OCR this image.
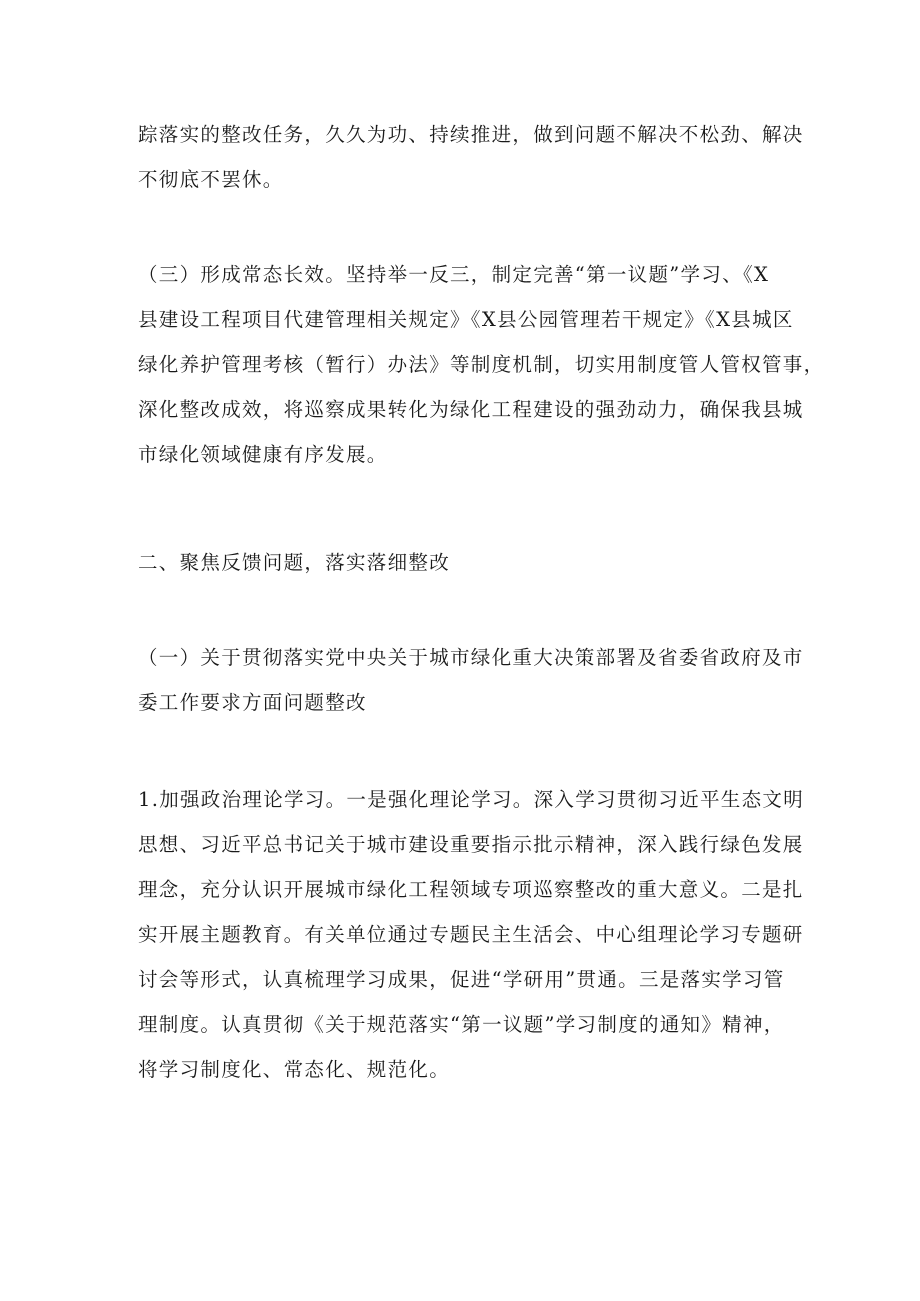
踪落实的整改任务，久久为功、持续推进，做到问题不解决不松劲、解决
不彻底不罢休。

（三）形成常态长效。坚持举一反三，制定完善“第一议题”学习、《X
县建设工程项目代建管理相关规定》《X县公园管理若干规定》《X县城区
绿化养护管理考核（暂行）办法》等制度机制，切实用制度管人管权管事，
深化整改成效，将巡察成果转化为绿化工程建设的强劲动力，确保我县城
市绿化领域健康有序发展。

二、聚焦反馈问题，落实落细整改

（一）关于贯彻落实党中央关于城市绿化重大决策部署及省委省政府及市
委工作要求方面问题整改

1.加强政治理论学习。一是强化理论学习。深入学习贯彻习近平生态文明
思想、习近平总书记关于城市建设重要指示批示精神，深入践行绿色发展
理念，充分认识开展城市绿化工程领域专项巡察整改的重大意义。二是扎
实开展主题教育。有关单位通过专题民主生活会、中心组理论学习专题研
讨会等形式，认真梳理学习成果，促进“学研用”贯通。三是落实学习管
理制度。认真贯彻《关于规范落实“第一议题”学习制度的通知》精神，
将学习制度化、常态化、规范化。
